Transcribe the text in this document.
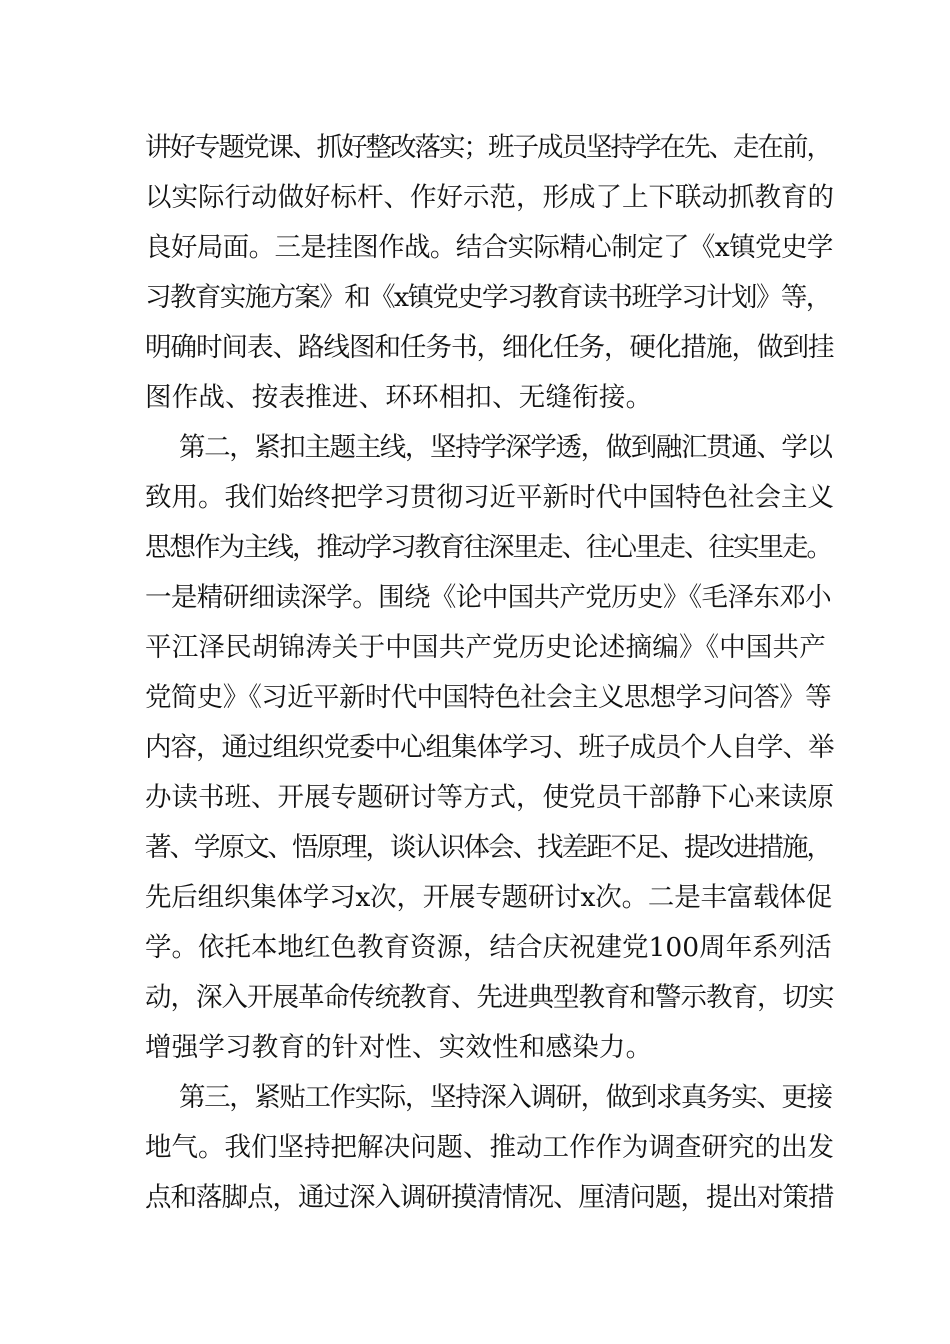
讲好专题党课、抓好整改落实；班子成员坚持学在先、走在前，
以实际行动做好标杆、作好示范，形成了上下联动抓教育的
良好局面。三是挂图作战。结合实际精心制定了《x镇党史学
习教育实施方案》和《x镇党史学习教育读书班学习计划》等，
明确时间表、路线图和任务书，细化任务，硬化措施，做到挂
图作战、按表推进、环环相扣、无缝衔接。
第二，紧扣主题主线，坚持学深学透，做到融汇贯通、学以
致用。我们始终把学习贯彻习近平新时代中国特色社会主义
思想作为主线，推动学习教育往深里走、往心里走、往实里走。
一是精研细读深学。围绕《论中国共产党历史》《毛泽东邓小
平江泽民胡锦涛关于中国共产党历史论述摘编》《中国共产
党简史》《习近平新时代中国特色社会主义思想学习问答》等
内容，通过组织党委中心组集体学习、班子成员个人自学、举
办读书班、开展专题研讨等方式，使党员干部静下心来读原
著、学原文、悟原理，谈认识体会、找差距不足、提改进措施，
先后组织集体学习x次，开展专题研讨x次。二是丰富载体促
学。依托本地红色教育资源，结合庆祝建党100周年系列活
动，深入开展革命传统教育、先进典型教育和警示教育，切实
增强学习教育的针对性、实效性和感染力。
第三，紧贴工作实际，坚持深入调研，做到求真务实、更接
地气。我们坚持把解决问题、推动工作作为调查研究的出发
点和落脚点，通过深入调研摸清情况、厘清问题，提出对策措
